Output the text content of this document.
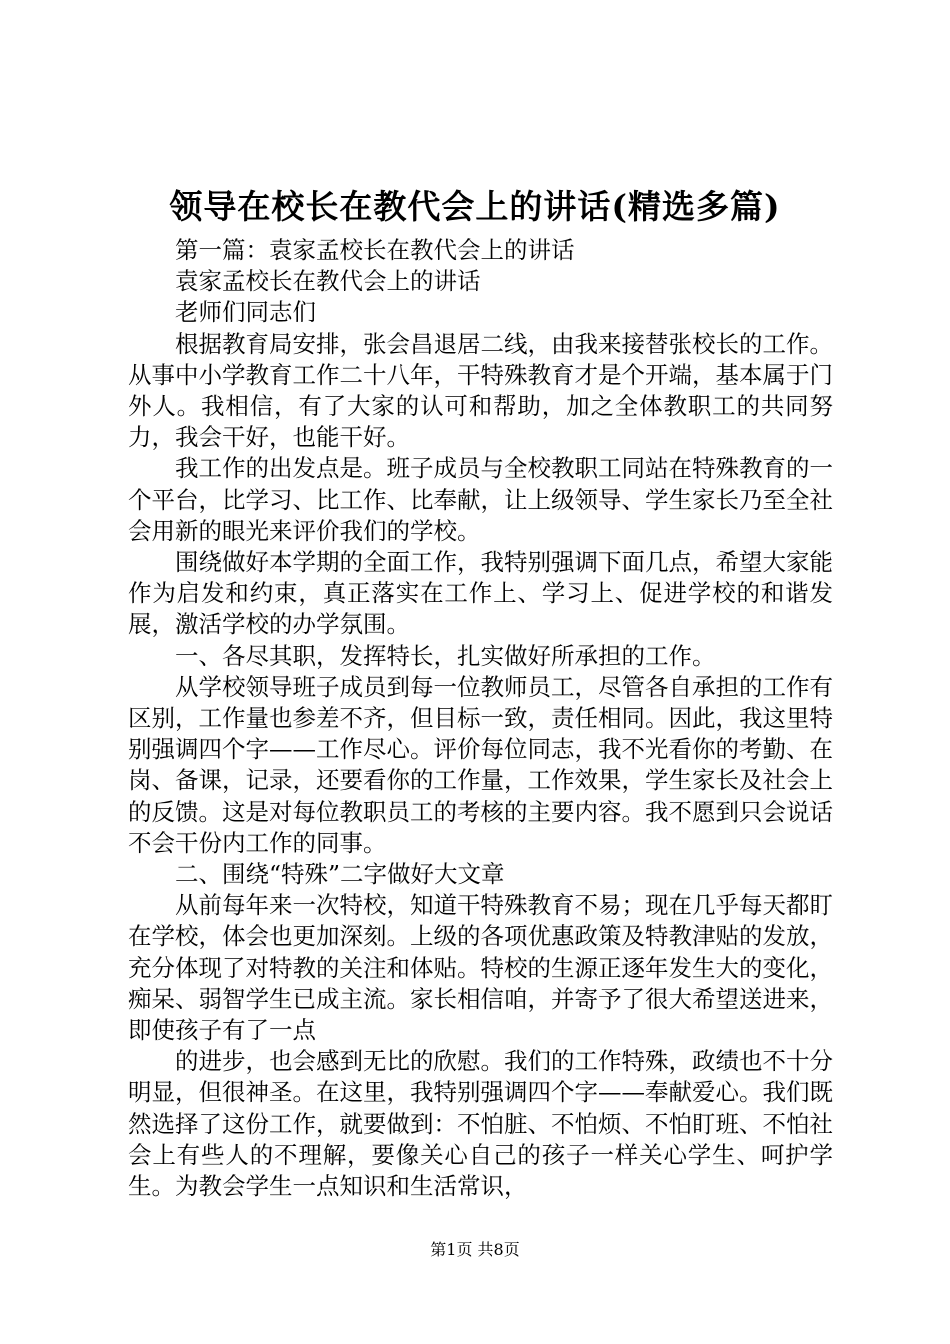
领导在校长在教代会上的讲话(精选多篇)

第一篇：袁家孟校长在教代会上的讲话

袁家孟校长在教代会上的讲话

老师们同志们

根据教育局安排，张会昌退居二线，由我来接替张校长的工作。从事中小学教育工作二十八年，干特殊教育才是个开端，基本属于门外人。我相信，有了大家的认可和帮助，加之全体教职工的共同努力，我会干好，也能干好。

我工作的出发点是。班子成员与全校教职工同站在特殊教育的一个平台，比学习、比工作、比奉献，让上级领导、学生家长乃至全社会用新的眼光来评价我们的学校。

围绕做好本学期的全面工作，我特别强调下面几点，希望大家能作为启发和约束，真正落实在工作上、学习上、促进学校的和谐发展，激活学校的办学氛围。

一、各尽其职，发挥特长，扎实做好所承担的工作。

从学校领导班子成员到每一位教师员工，尽管各自承担的工作有区别，工作量也参差不齐，但目标一致，责任相同。因此，我这里特别强调四个字——工作尽心。评价每位同志，我不光看你的考勤、在岗、备课，记录，还要看你的工作量，工作效果，学生家长及社会上的反馈。这是对每位教职员工的考核的主要内容。我不愿到只会说话不会干份内工作的同事。

二、围绕“特殊”二字做好大文章

从前每年来一次特校，知道干特殊教育不易；现在几乎每天都盯在学校，体会也更加深刻。上级的各项优惠政策及特教津贴的发放，充分体现了对特教的关注和体贴。特校的生源正逐年发生大的变化，痴呆、弱智学生已成主流。家长相信咱，并寄予了很大希望送进来，即使孩子有了一点

的进步，也会感到无比的欣慰。我们的工作特殊，政绩也不十分明显，但很神圣。在这里，我特别强调四个字——奉献爱心。我们既然选择了这份工作，就要做到：不怕脏、不怕烦、不怕盯班、不怕社会上有些人的不理解，要像关心自己的孩子一样关心学生、呵护学生。为教会学生一点知识和生活常识，

第1页 共8页
